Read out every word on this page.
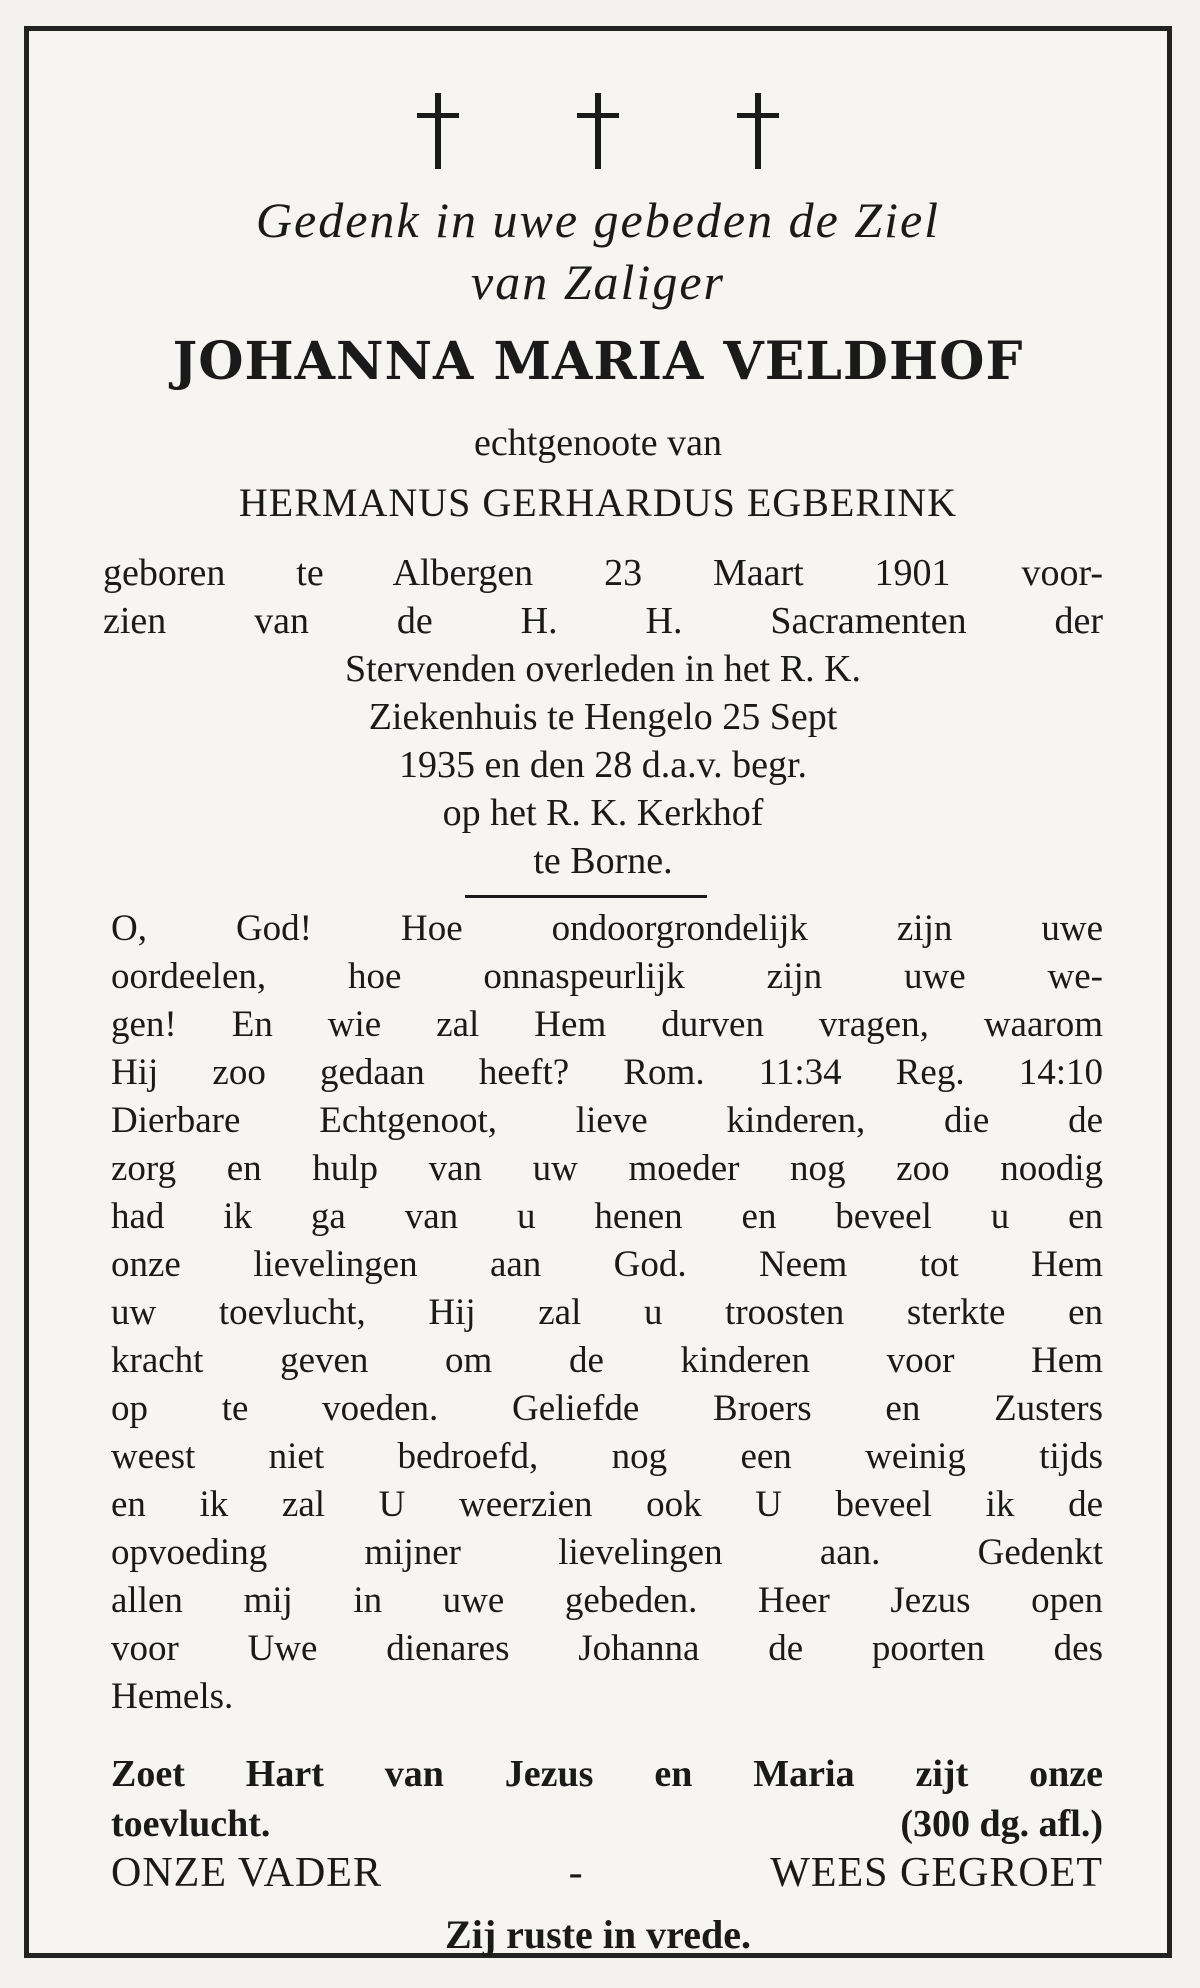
Gedenk in uwe gebeden de Ziel
van Zaliger
JOHANNA MARIA VELDHOF
echtgenoote van
HERMANUS GERHARDUS EGBERINK
geboren te Albergen 23 Maart 1901 voor-
zien van de H. H. Sacramenten der
Stervenden overleden in het R. K.
Ziekenhuis te Hengelo 25 Sept
1935 en den 28 d.a.v. begr.
op het R. K. Kerkhof
te Borne.
O, God! Hoe ondoorgrondelijk zijn uwe
oordeelen, hoe onnaspeurlijk zijn uwe we-
gen! En wie zal Hem durven vragen, waarom
Hij zoo gedaan heeft? Rom. 11:34 Reg. 14:10
Dierbare Echtgenoot, lieve kinderen, die de
zorg en hulp van uw moeder nog zoo noodig
had ik ga van u henen en beveel u en
onze lievelingen aan God. Neem tot Hem
uw toevlucht, Hij zal u troosten sterkte en
kracht geven om de kinderen voor Hem
op te voeden. Geliefde Broers en Zusters
weest niet bedroefd, nog een weinig tijds
en ik zal U weerzien ook U beveel ik de
opvoeding mijner lievelingen aan. Gedenkt
allen mij in uwe gebeden. Heer Jezus open
voor Uwe dienares Johanna de poorten des
Hemels.
Zoet Hart van Jezus en Maria zijt onze
toevlucht.	(300 dg. afl.)
ONZE VADER	-	WEES GEGROET
Zij ruste in vrede.
